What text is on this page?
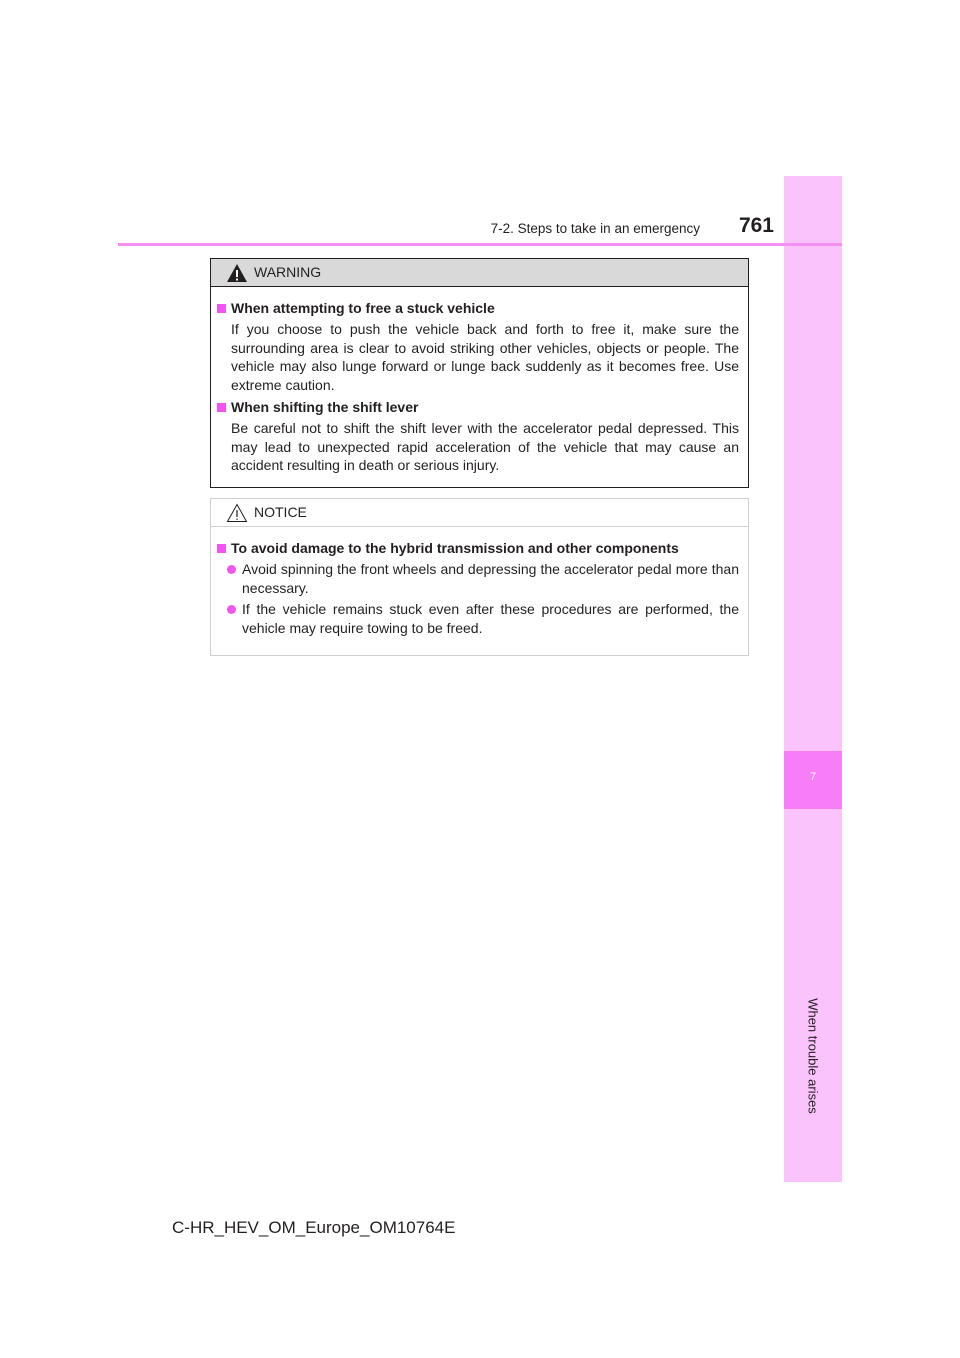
7
When trouble arises
7-2. Steps to take in an emergency	761
WARNING
When attempting to free a stuck vehicle
If you choose to push the vehicle back and forth to free it, make sure the surrounding area is clear to avoid striking other vehicles, objects or people. The vehicle may also lunge forward or lunge back suddenly as it becomes free. Use extreme caution.
When shifting the shift lever
Be careful not to shift the shift lever with the accelerator pedal depressed. This may lead to unexpected rapid acceleration of the vehicle that may cause an accident resulting in death or serious injury.
NOTICE
To avoid damage to the hybrid transmission and other components
Avoid spinning the front wheels and depressing the accelerator pedal more than necessary.
If the vehicle remains stuck even after these procedures are performed, the vehicle may require towing to be freed.
C-HR_HEV_OM_Europe_OM10764E
